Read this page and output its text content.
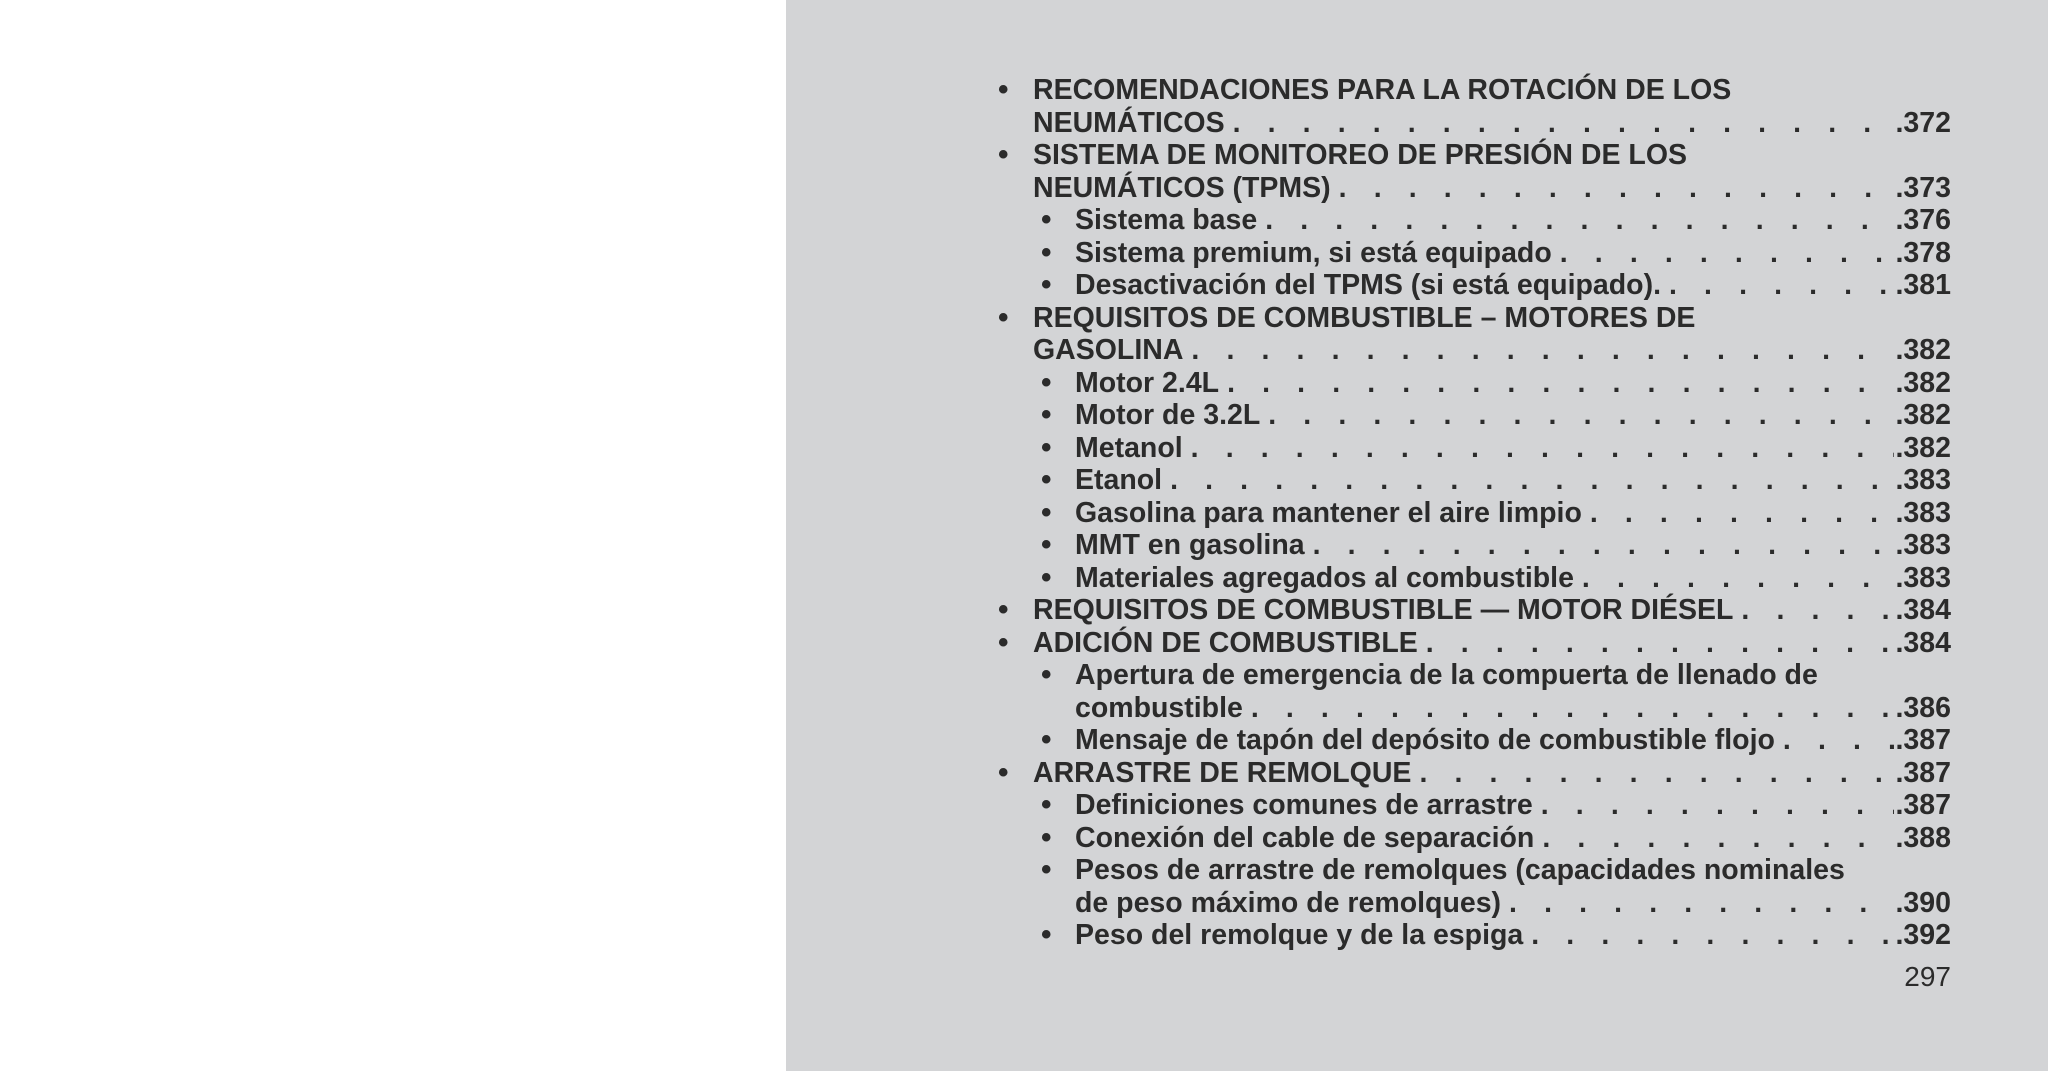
• RECOMENDACIONES PARA LA ROTACIÓN DE LOS
NEUMÁTICOS . . .	.372
• SISTEMA DE MONITOREO DE PRESIÓN DE LOS
NEUMÁTICOS (TPMS) . . .	.373
• Sistema base . . .	.376
• Sistema premium, si está equipado . . .	.378
• Desactivación del TPMS (si está equipado). . . .	.381
• REQUISITOS DE COMBUSTIBLE – MOTORES DE
GASOLINA . . .	.382
• Motor 2.4L . . .	.382
• Motor de 3.2L . . .	.382
• Metanol . . .	.382
• Etanol . . .	.383
• Gasolina para mantener el aire limpio . . .	.383
• MMT en gasolina . . .	.383
• Materiales agregados al combustible . . .	.383
• REQUISITOS DE COMBUSTIBLE — MOTOR DIÉSEL . . .	.384
• ADICIÓN DE COMBUSTIBLE . . .	.384
• Apertura de emergencia de la compuerta de llenado de
combustible . . .	.386
• Mensaje de tapón del depósito de combustible flojo . . .	.387
• ARRASTRE DE REMOLQUE . . .	.387
• Definiciones comunes de arrastre . . .	.387
• Conexión del cable de separación . . .	.388
• Pesos de arrastre de remolques (capacidades nominales
de peso máximo de remolques) . . .	.390
• Peso del remolque y de la espiga . . .	.392
297
